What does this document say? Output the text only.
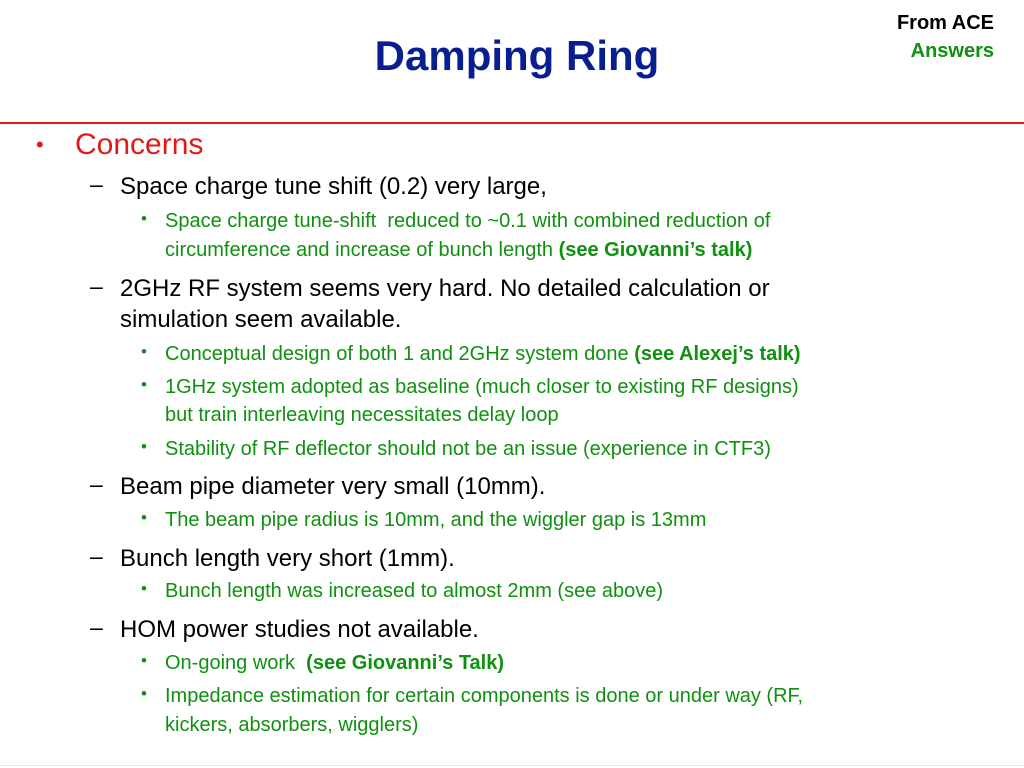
Damping Ring
From ACE
Answers
• Concerns
– Space charge tune shift (0.2) very large,
• Space charge tune-shift  reduced to ~0.1 with combined reduction of
circumference and increase of bunch length (see Giovanni’s talk)
– 2GHz RF system seems very hard. No detailed calculation or
simulation seem available.
• Conceptual design of both 1 and 2GHz system done (see Alexej’s talk)
• 1GHz system adopted as baseline (much closer to existing RF designs)
but train interleaving necessitates delay loop
• Stability of RF deflector should not be an issue (experience in CTF3)
– Beam pipe diameter very small (10mm).
• The beam pipe radius is 10mm, and the wiggler gap is 13mm
– Bunch length very short (1mm).
• Bunch length was increased to almost 2mm (see above)
– HOM power studies not available.
• On-going work  (see Giovanni’s Talk)
• Impedance estimation for certain components is done or under way (RF,
kickers, absorbers, wigglers)
